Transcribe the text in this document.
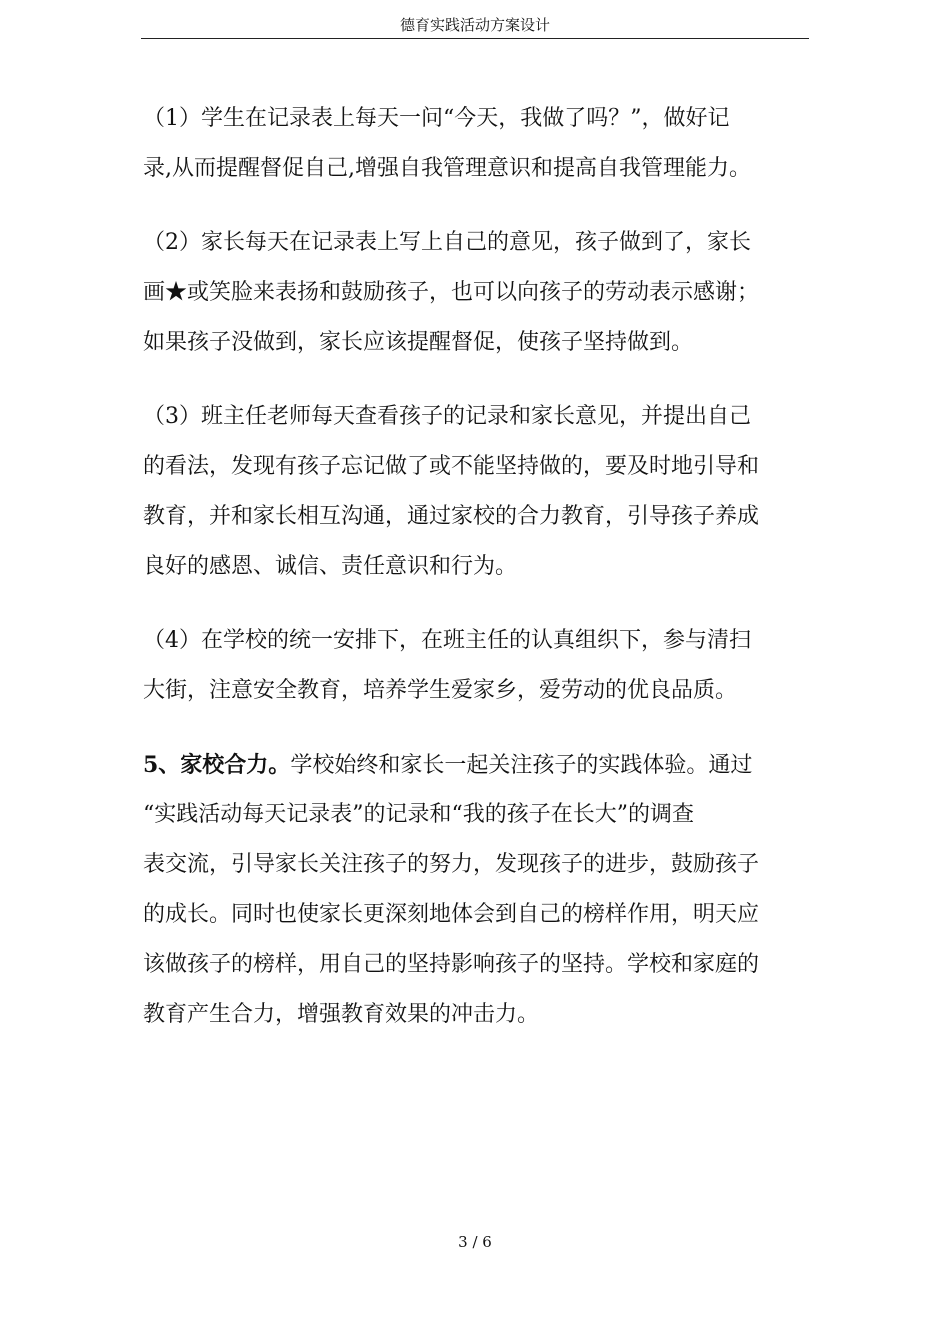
德育实践活动方案设计

（1）学生在记录表上每天一问“今天，我做了吗？”，做好记
录,从而提醒督促自己,增强自我管理意识和提高自我管理能力。

（2）家长每天在记录表上写上自己的意见，孩子做到了，家长
画★或笑脸来表扬和鼓励孩子，也可以向孩子的劳动表示感谢；
如果孩子没做到，家长应该提醒督促，使孩子坚持做到。

（3）班主任老师每天查看孩子的记录和家长意见，并提出自己
的看法，发现有孩子忘记做了或不能坚持做的，要及时地引导和
教育，并和家长相互沟通，通过家校的合力教育，引导孩子养成
良好的感恩、诚信、责任意识和行为。

（4）在学校的统一安排下，在班主任的认真组织下，参与清扫
大街，注意安全教育，培养学生爱家乡，爱劳动的优良品质。

5、家校合力。学校始终和家长一起关注孩子的实践体验。通过
“实践活动每天记录表”的记录和“我的孩子在长大”的调查
表交流，引导家长关注孩子的努力，发现孩子的进步，鼓励孩子
的成长。同时也使家长更深刻地体会到自己的榜样作用，明天应
该做孩子的榜样，用自己的坚持影响孩子的坚持。学校和家庭的
教育产生合力，增强教育效果的冲击力。

3 / 6
